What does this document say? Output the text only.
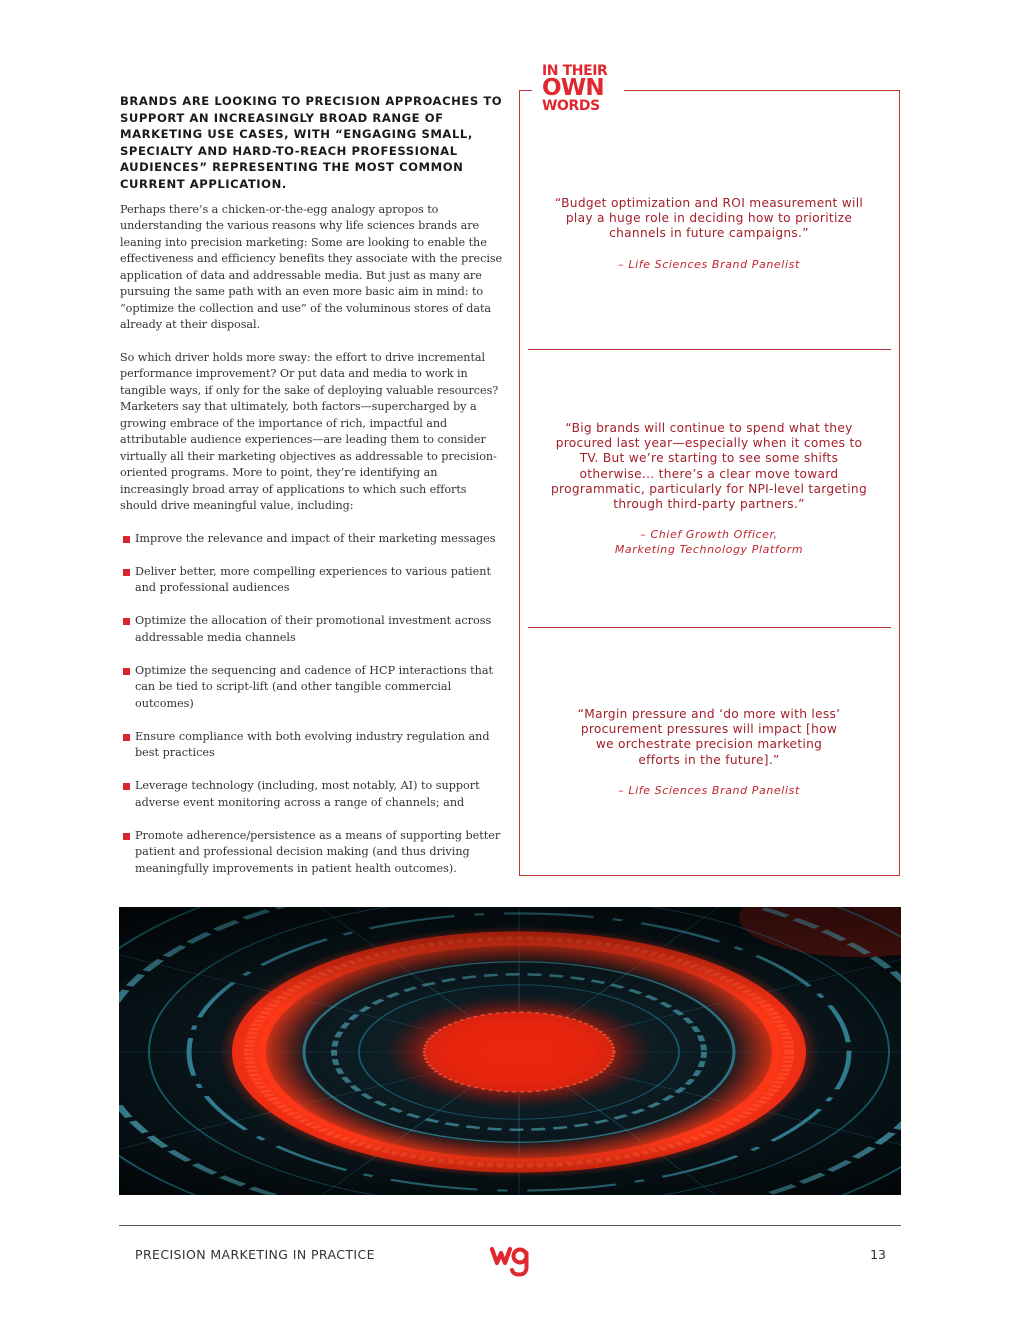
BRANDS ARE LOOKING TO PRECISION APPROACHES TO SUPPORT AN INCREASINGLY BROAD RANGE OF MARKETING USE CASES, WITH “ENGAGING SMALL, SPECIALTY AND HARD-TO-REACH PROFESSIONAL AUDIENCES” REPRESENTING THE MOST COMMON CURRENT APPLICATION.

Perhaps there’s a chicken-or-the-egg analogy apropos to understanding the various reasons why life sciences brands are leaning into precision marketing: Some are looking to enable the effectiveness and efficiency benefits they associate with the precise application of data and addressable media. But just as many are pursuing the same path with an even more basic aim in mind: to “optimize the collection and use” of the voluminous stores of data already at their disposal.

So which driver holds more sway: the effort to drive incremental performance improvement? Or put data and media to work in tangible ways, if only for the sake of deploying valuable resources? Marketers say that ultimately, both factors—supercharged by a growing embrace of the importance of rich, impactful and attributable audience experiences—are leading them to consider virtually all their marketing objectives as addressable to precision-oriented programs. More to point, they’re identifying an increasingly broad array of applications to which such efforts should drive meaningful value, including:

Improve the relevance and impact of their marketing messages
Deliver better, more compelling experiences to various patient and professional audiences
Optimize the allocation of their promotional investment across addressable media channels
Optimize the sequencing and cadence of HCP interactions that can be tied to script-lift (and other tangible commercial outcomes)
Ensure compliance with both evolving industry regulation and best practices
Leverage technology (including, most notably, AI) to support adverse event monitoring across a range of channels; and
Promote adherence/persistence as a means of supporting better patient and professional decision making (and thus driving meaningfully improvements in patient health outcomes).
IN THEIR
OWN
WORDS
“Budget optimization and ROI measurement will play a huge role in deciding how to prioritize channels in future campaigns.”
– Life Sciences Brand Panelist
“Big brands will continue to spend what they procured last year—especially when it comes to TV. But we’re starting to see some shifts otherwise... there’s a clear move toward programmatic, particularly for NPI-level targeting through third-party partners.”
– Chief Growth Officer,
Marketing Technology Platform
“Margin pressure and ‘do more with less’ procurement pressures will impact [how we orchestrate precision marketing efforts in the future].”
– Life Sciences Brand Panelist
PRECISION MARKETING IN PRACTICE	13
